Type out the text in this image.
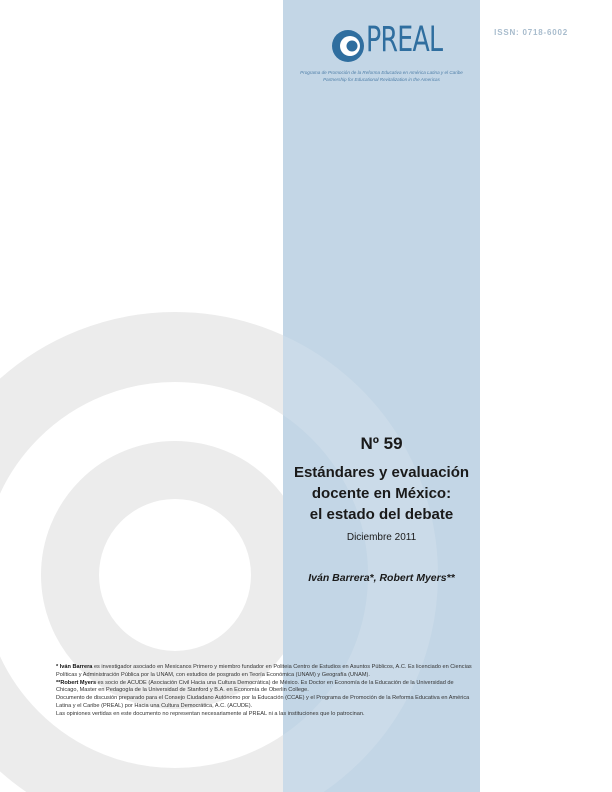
ISSN: 0718-6002
PREAL
Programa de Promoción de la Reforma Educativa en América Latina y el Caribe
Partnership for Educational Revitalization in the Americas
Nº 59
Estándares y evaluación
docente en México:
el estado del debate
Diciembre 2011
Iván Barrera*, Robert Myers**

* Iván Barrera es investigador asociado en Mexicanos Primero y miembro fundador en Politeia Centro de Estudios en Asuntos Públicos, A.C. Es licenciado en Ciencias Políticas y Administración Pública por la UNAM, con estudios de posgrado en Teoría Económica (UNAM) y Geografía (UNAM).

**Robert Myers es socio de ACUDE (Asociación Civil Hacia una Cultura Democrática) de México. Es Doctor en Economía de la Educación de la Universidad de Chicago, Master en Pedagogía de la Universidad de Stanford y B.A. en Economía de Oberlin College.

Documento de discusión preparado para el Consejo Ciudadano Autónomo por la Educación (CCAE) y el Programa de Promoción de la Reforma Educativa en América Latina y el Caribe (PREAL) por Hacia una Cultura Democrática, A.C. (ACUDE).

Las opiniones vertidas en este documento no representan necesariamente al PREAL ni a las instituciones que lo patrocinan.
